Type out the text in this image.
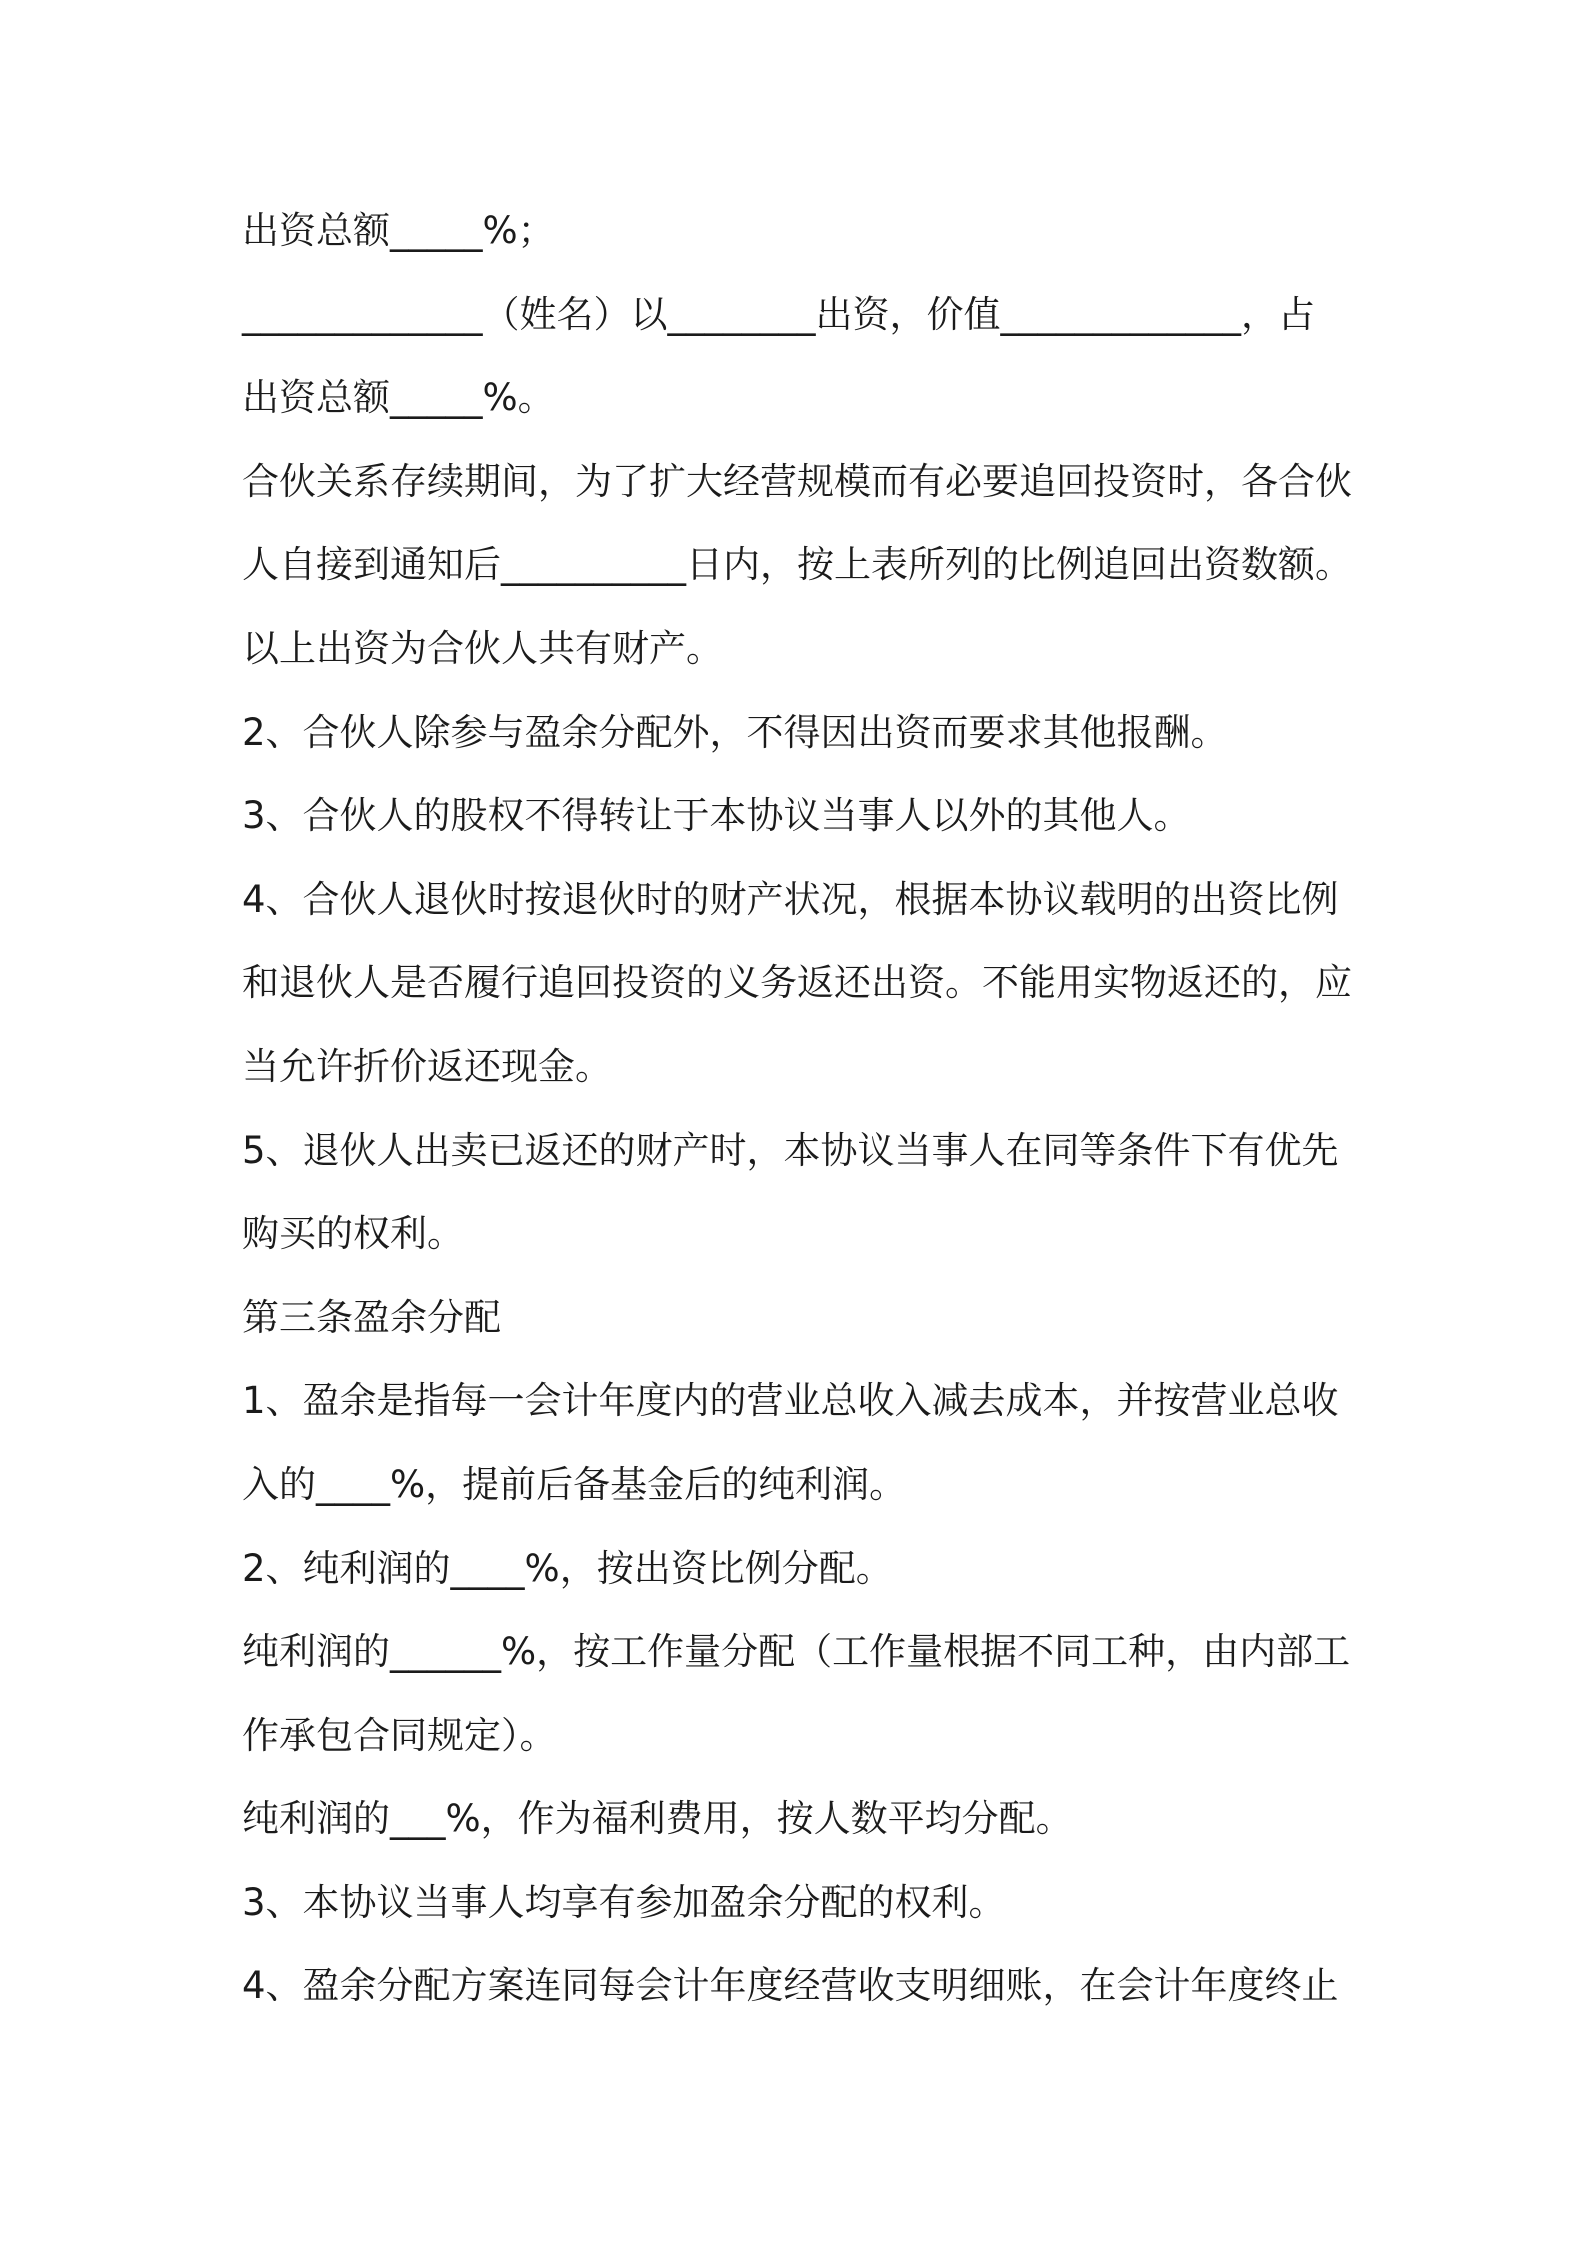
出资总额_____%；

_____________（姓名）以________出资，价值_____________，占

出资总额_____%。

合伙关系存续期间，为了扩大经营规模而有必要追回投资时，各合伙

人自接到通知后__________日内，按上表所列的比例追回出资数额。

以上出资为合伙人共有财产。

2、合伙人除参与盈余分配外，不得因出资而要求其他报酬。

3、合伙人的股权不得转让于本协议当事人以外的其他人。

4、合伙人退伙时按退伙时的财产状况，根据本协议载明的出资比例

和退伙人是否履行追回投资的义务返还出资。不能用实物返还的，应

当允许折价返还现金。

5、退伙人出卖已返还的财产时，本协议当事人在同等条件下有优先

购买的权利。

第三条盈余分配

1、盈余是指每一会计年度内的营业总收入减去成本，并按营业总收

入的____%，提前后备基金后的纯利润。

2、纯利润的____%，按出资比例分配。

纯利润的______%，按工作量分配（工作量根据不同工种，由内部工

作承包合同规定）。

纯利润的___%，作为福利费用，按人数平均分配。

3、本协议当事人均享有参加盈余分配的权利。

4、盈余分配方案连同每会计年度经营收支明细账，在会计年度终止
